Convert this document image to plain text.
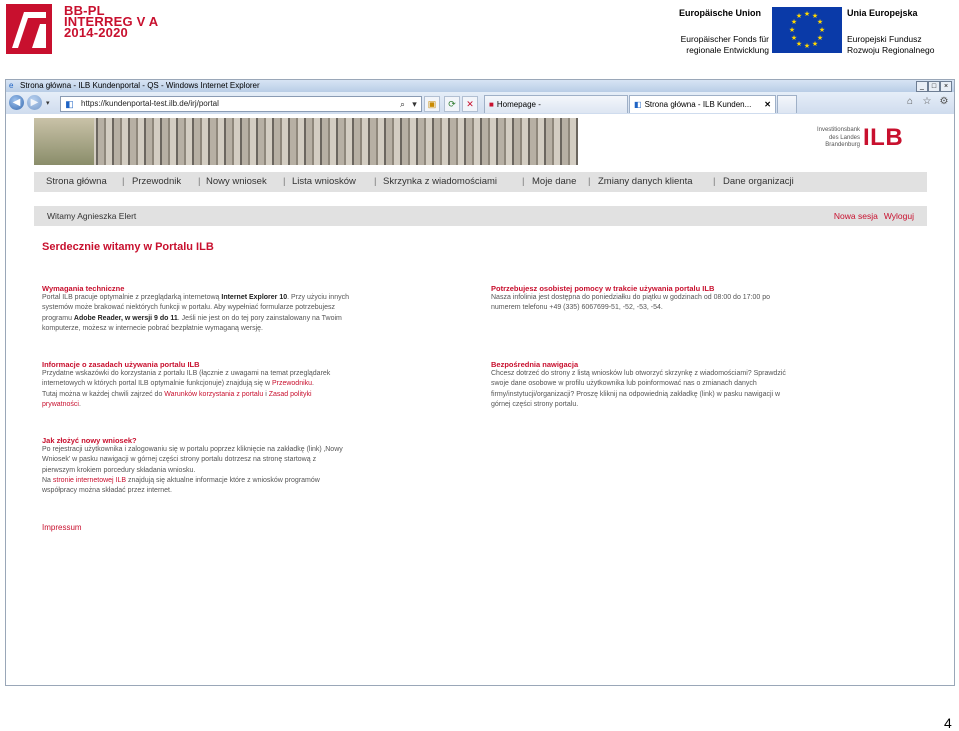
BB-PL
INTERREG V A
2014-2020
Europäische Union
Europäischer Fonds für
regionale Entwicklung
★ ★
★
★
★
★
★
★
★
★
★
★	Unia Europejska
Europejski Fundusz
Rozwoju Regionalnego
e Strona główna - ILB Kundenportal - QS - Windows Internet Explorer	_	□	×
◀	▶	▾ ◧ https://kundenportal-test.ilb.de/irj/portal	⌕ ▾	▣	⟳	✕	■ Homepage -	◧ Strona główna - ILB Kunden... ✕	⌂ ☆ ⚙
Investitionsbank
des Landes
Brandenburg ILB
Strona główna | Przewodnik | Nowy wniosek | Lista wniosków | Skrzynka z wiadomościami	| Moje dane | Zmiany danych klienta | Dane organizacji
Witamy Agnieszka Elert	Nowa sesja Wyloguj
Serdecznie witamy w Portalu ILB
Wymagania techniczne
Portal ILB pracuje optymalnie z przeglądarką internetową Internet Explorer 10. Przy użyciu innych
systemów może brakować niektórych funkcji w portalu. Aby wypełniać formularze potrzebujesz
programu Adobe Reader, w wersji 9 do 11. Jeśli nie jest on do tej pory zainstalowany na Twoim
komputerze, możesz w internecie pobrać bezpłatnie wymaganą wersję.
Potrzebujesz osobistej pomocy w trakcie używania portalu ILB
Nasza infolinia jest dostępna do poniedziałku do piątku w godzinach od 08:00 do 17:00 po
numerem telefonu +49 (335) 6067699-51, -52, -53, -54.
Informacje o zasadach używania portalu ILB
Przydatne wskazówki do korzystania z portalu ILB (łącznie z uwagami na temat przeglądarek
internetowych w których portal ILB optymalnie funkcjonuje) znajdują się w Przewodniku.
Tutaj można w każdej chwili zajrzeć do Warunków korzystania z portalu i Zasad polityki
prywatności.
Bezpośrednia nawigacja
Chcesz dotrzeć do strony z listą wniosków lub otworzyć skrzynkę z wiadomościami? Sprawdzić
swoje dane osobowe w profilu użytkownika lub poinformować nas o zmianach danych
firmy/instytucji/organizacji? Proszę kliknij na odpowiednią zakładkę (link) w pasku nawigacji w
górnej części strony portalu.
Jak złożyć nowy wniosek?
Po rejestracji użytkownika i zalogowaniu się w portalu poprzez kliknięcie na zakładkę (link) ‚Nowy
Wniosek' w pasku nawigacji w górnej części strony portalu dotrzesz na stronę startową z
pierwszym krokiem porcedury składania wniosku.
Na stronie internetowej ILB znajdują się aktualne informacje które z wniosków programów
współpracy można składać przez internet.
Impressum
4
